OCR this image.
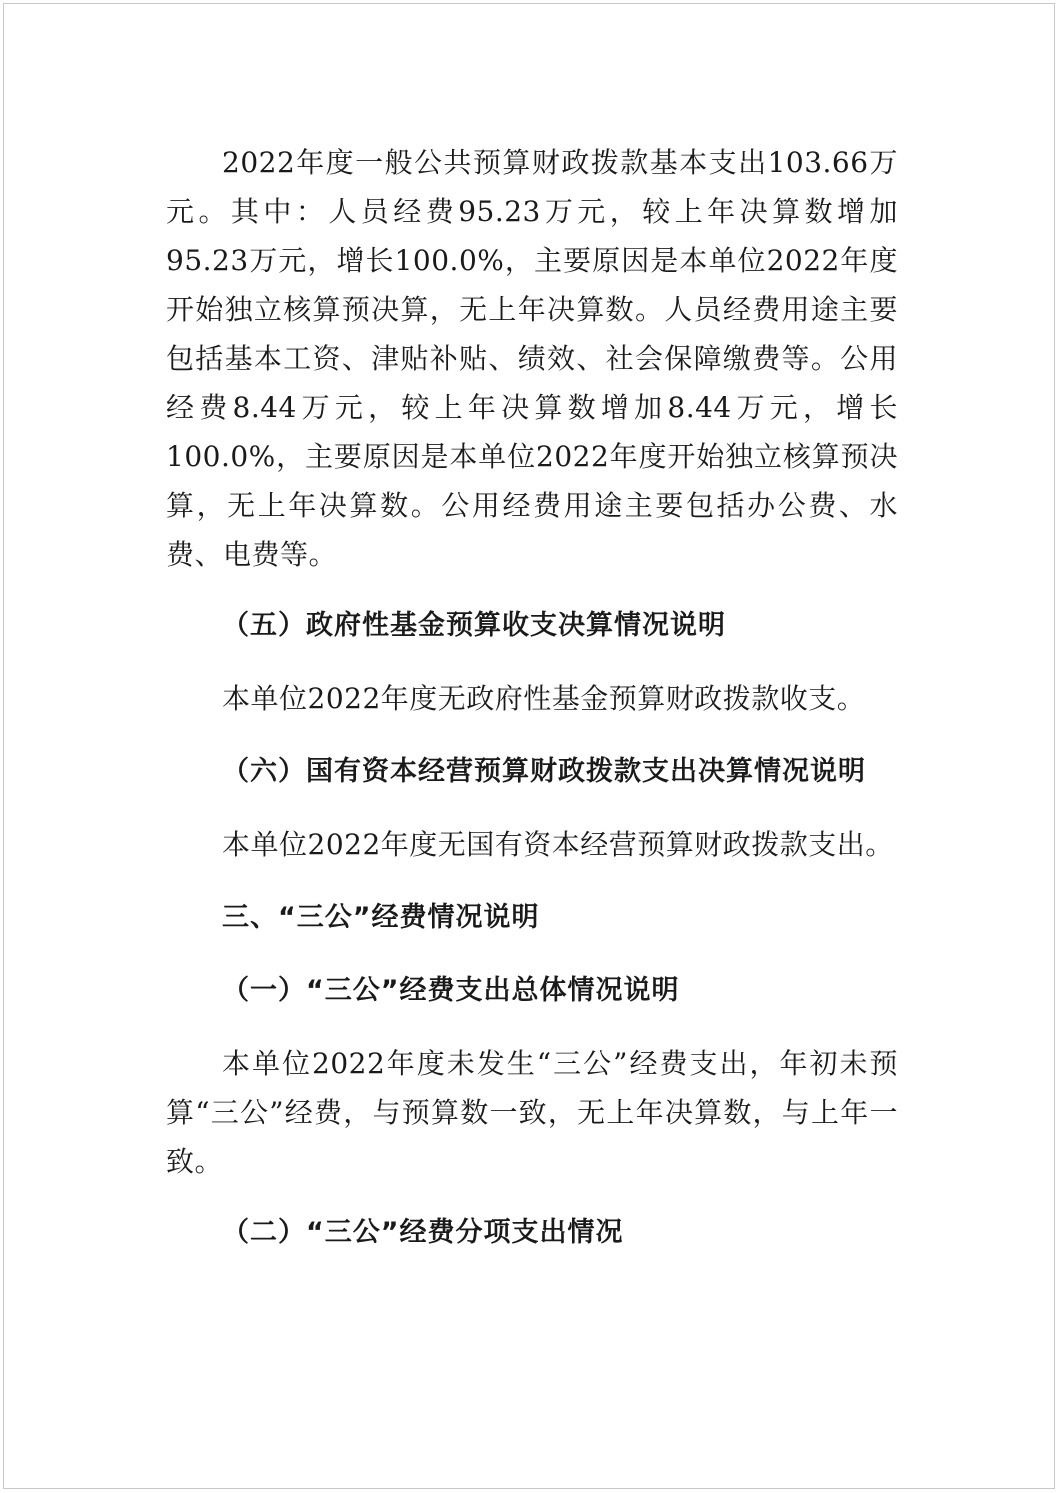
2022年度一般公共预算财政拨款基本支出103.66万元。其中：人员经费95.23万元，较上年决算数增加95.23万元，增长100.0%，主要原因是本单位2022年度开始独立核算预决算，无上年决算数。人员经费用途主要包括基本工资、津贴补贴、绩效、社会保障缴费等。公用经费8.44万元，较上年决算数增加8.44万元，增长100.0%，主要原因是本单位2022年度开始独立核算预决算，无上年决算数。公用经费用途主要包括办公费、水费、电费等。

（五）政府性基金预算收支决算情况说明

本单位2022年度无政府性基金预算财政拨款收支。

（六）国有资本经营预算财政拨款支出决算情况说明

本单位2022年度无国有资本经营预算财政拨款支出。

三、“三公”经费情况说明

（一）“三公”经费支出总体情况说明

本单位2022年度未发生“三公”经费支出，年初未预算“三公”经费，与预算数一致，无上年决算数，与上年一致。

（二）“三公”经费分项支出情况
